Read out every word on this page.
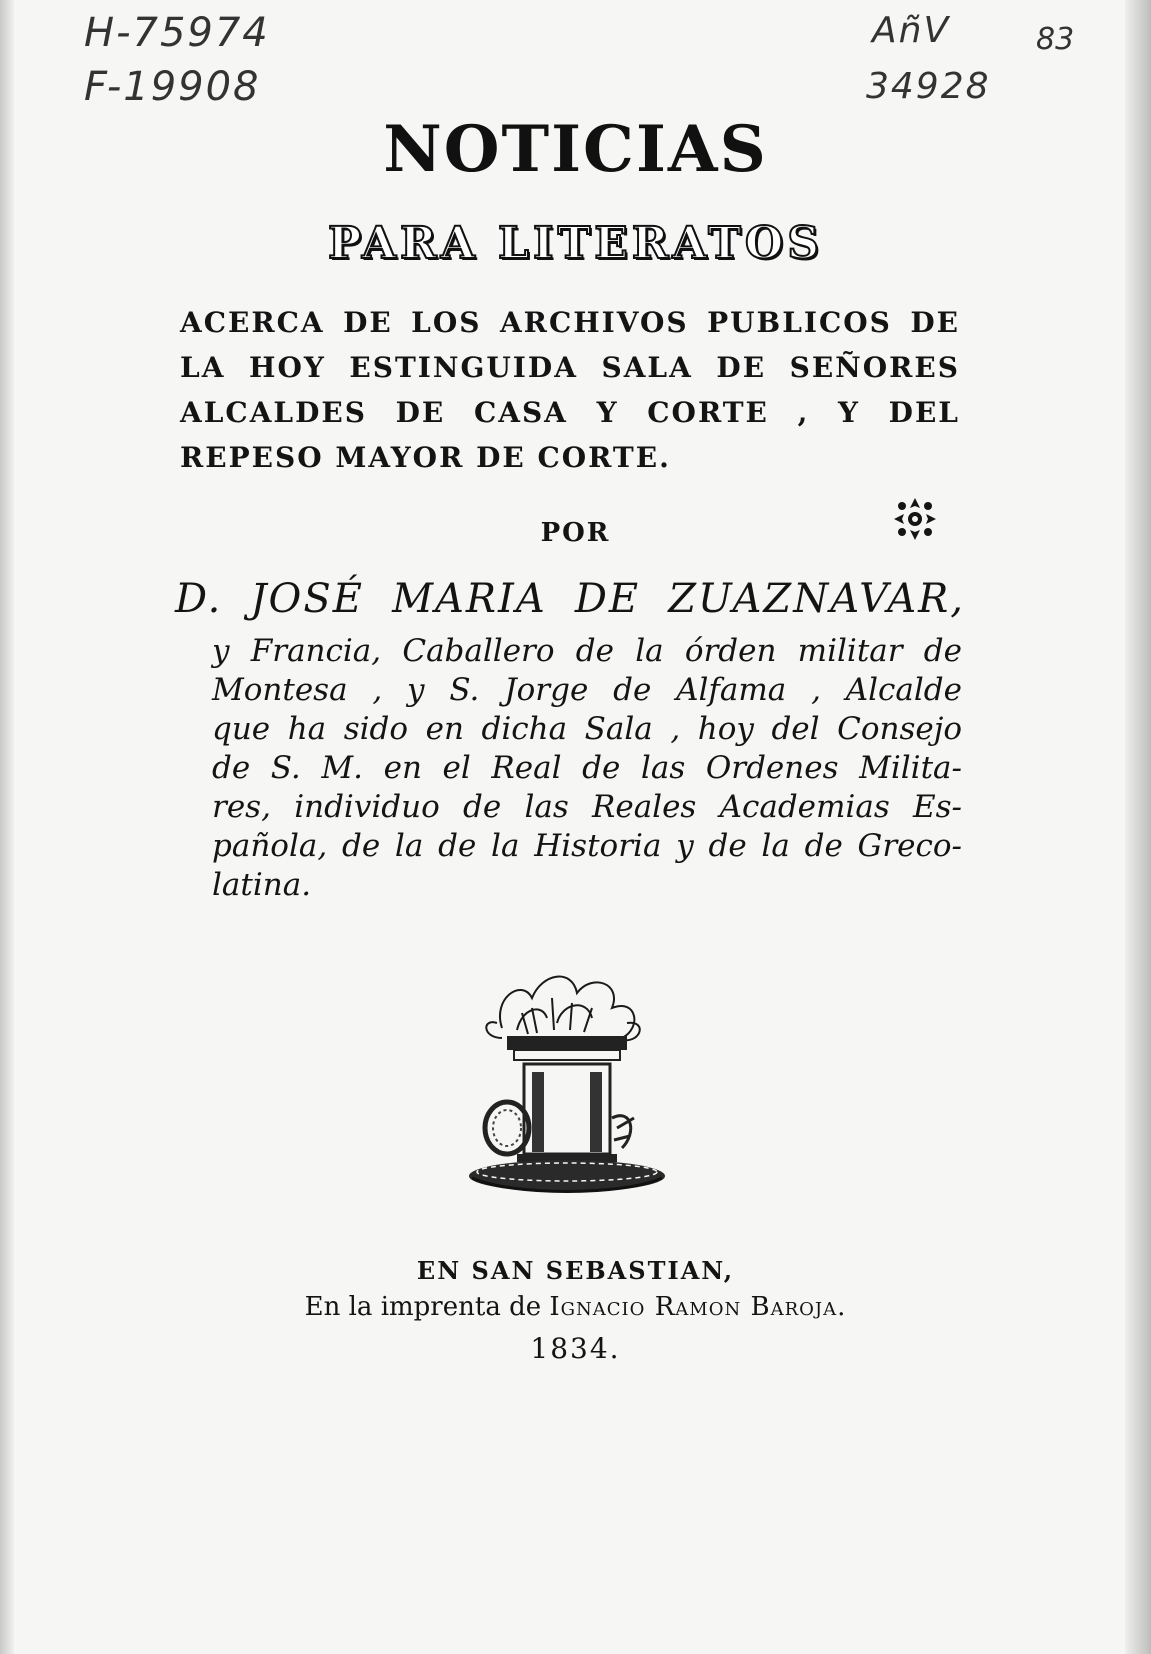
H-75974
F-19908
AñV
34928
83
NOTICIAS
PARA LITERATOS
ACERCA DE LOS ARCHIVOS PUBLICOS DE
LA HOY ESTINGUIDA SALA DE SEÑORES
ALCALDES DE CASA Y CORTE , Y DEL
REPESO MAYOR DE CORTE.
POR
D. JOSÉ MARIA DE ZUAZNAVAR,
y Francia, Caballero de la órden militar de
Montesa , y S. Jorge de Alfama , Alcalde
que ha sido en dicha Sala , hoy del Consejo
de S. M. en el Real de las Ordenes Milita-
res, individuo de las Reales Academias Es-
pañola, de la de la Historia y de la de Greco-
latina.
EN SAN SEBASTIAN,
En la imprenta de Ignacio Ramon Baroja.
1834.
